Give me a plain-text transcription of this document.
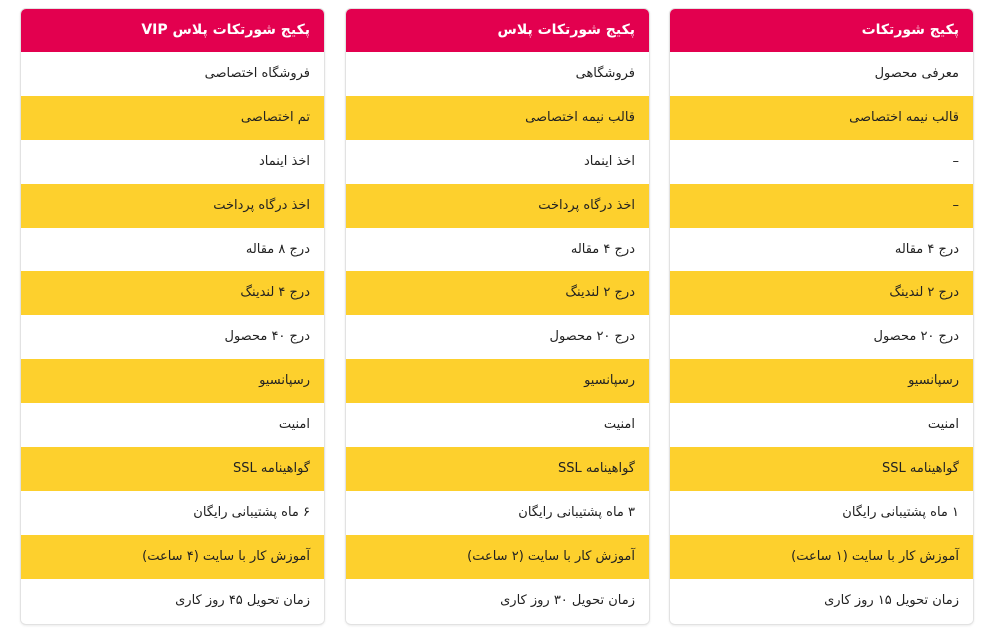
پکیج شورتکات
معرفی محصول
قالب نیمه اختصاصی
–
–
درج ۴ مقاله
درج ۲ لندینگ
درج ۲۰ محصول
رسپانسیو
امنیت
گواهینامه SSL
۱ ماه پشتیبانی رایگان
آموزش کار با سایت (۱ ساعت)
زمان تحویل ۱۵ روز کاری
پکیج شورتکات پلاس
فروشگاهی
قالب نیمه اختصاصی
اخذ اینماد
اخذ درگاه پرداخت
درج ۴ مقاله
درج ۲ لندینگ
درج ۲۰ محصول
رسپانسیو
امنیت
گواهینامه SSL
۳ ماه پشتیبانی رایگان
آموزش کار با سایت (۲ ساعت)
زمان تحویل ۳۰ روز کاری
پکیج شورتکات پلاس VIP
فروشگاه اختصاصی
تم اختصاصی
اخذ اینماد
اخذ درگاه پرداخت
درج ۸ مقاله
درج ۴ لندینگ
درج ۴۰ محصول
رسپانسیو
امنیت
گواهینامه SSL
۶ ماه پشتیبانی رایگان
آموزش کار با سایت (۴ ساعت)
زمان تحویل ۴۵ روز کاری
